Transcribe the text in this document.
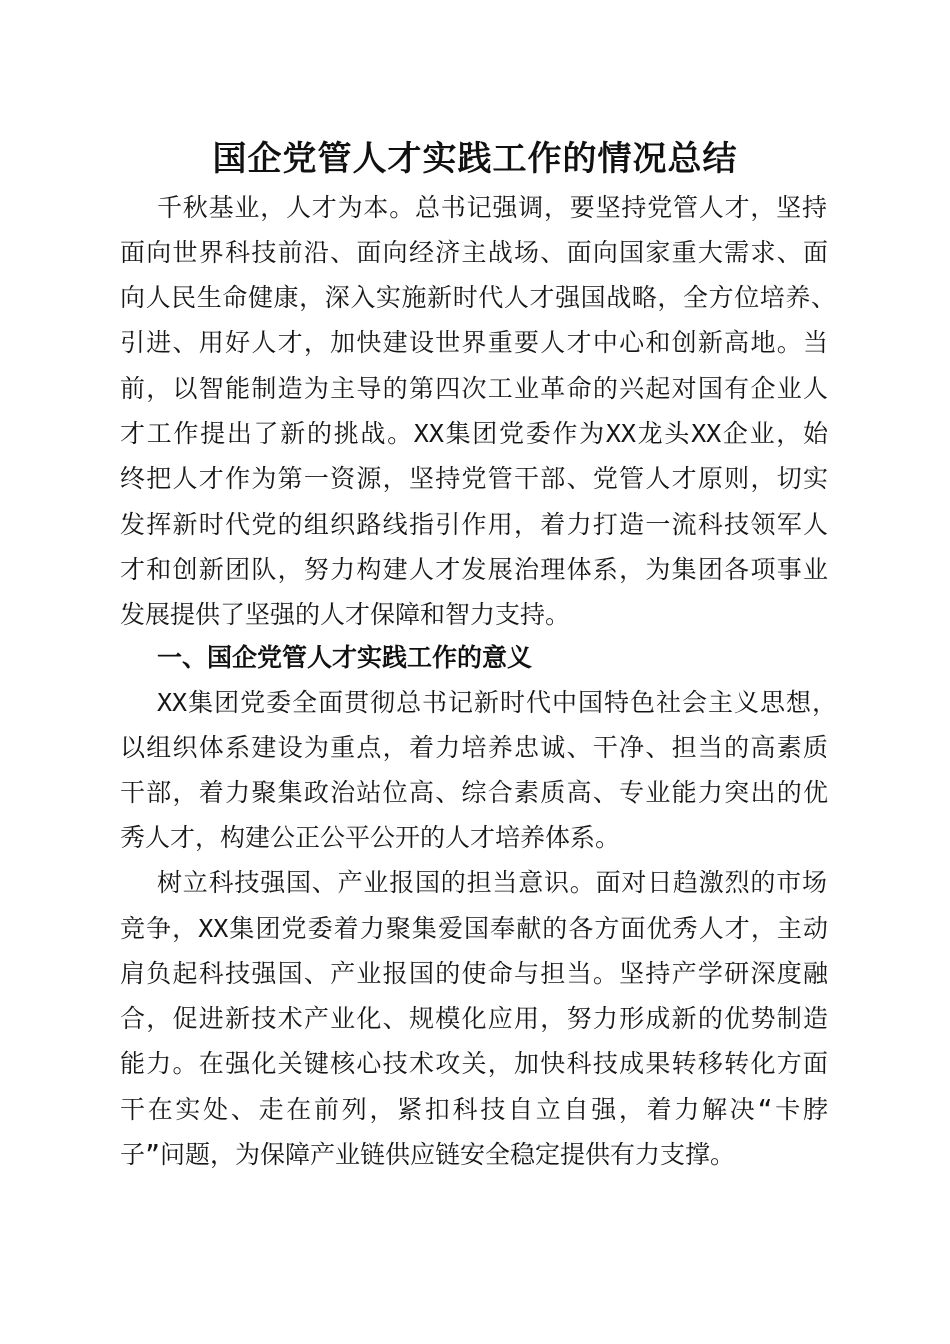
国企党管人才实践工作的情况总结
千秋基业，人才为本。总书记强调，要坚持党管人才，坚持
面向世界科技前沿、面向经济主战场、面向国家重大需求、面
向人民生命健康，深入实施新时代人才强国战略，全方位培养、
引进、用好人才，加快建设世界重要人才中心和创新高地。当
前，以智能制造为主导的第四次工业革命的兴起对国有企业人
才工作提出了新的挑战。XX集团党委作为XX龙头XX企业，始
终把人才作为第一资源，坚持党管干部、党管人才原则，切实
发挥新时代党的组织路线指引作用，着力打造一流科技领军人
才和创新团队，努力构建人才发展治理体系，为集团各项事业
发展提供了坚强的人才保障和智力支持。
一、国企党管人才实践工作的意义
XX集团党委全面贯彻总书记新时代中国特色社会主义思想，
以组织体系建设为重点，着力培养忠诚、干净、担当的高素质
干部，着力聚集政治站位高、综合素质高、专业能力突出的优
秀人才，构建公正公平公开的人才培养体系。
树立科技强国、产业报国的担当意识。面对日趋激烈的市场
竞争，XX集团党委着力聚集爱国奉献的各方面优秀人才，主动
肩负起科技强国、产业报国的使命与担当。坚持产学研深度融
合，促进新技术产业化、规模化应用，努力形成新的优势制造
能力。在强化关键核心技术攻关，加快科技成果转移转化方面
干在实处、走在前列，紧扣科技自立自强，着力解决“卡脖
子”问题，为保障产业链供应链安全稳定提供有力支撑。
